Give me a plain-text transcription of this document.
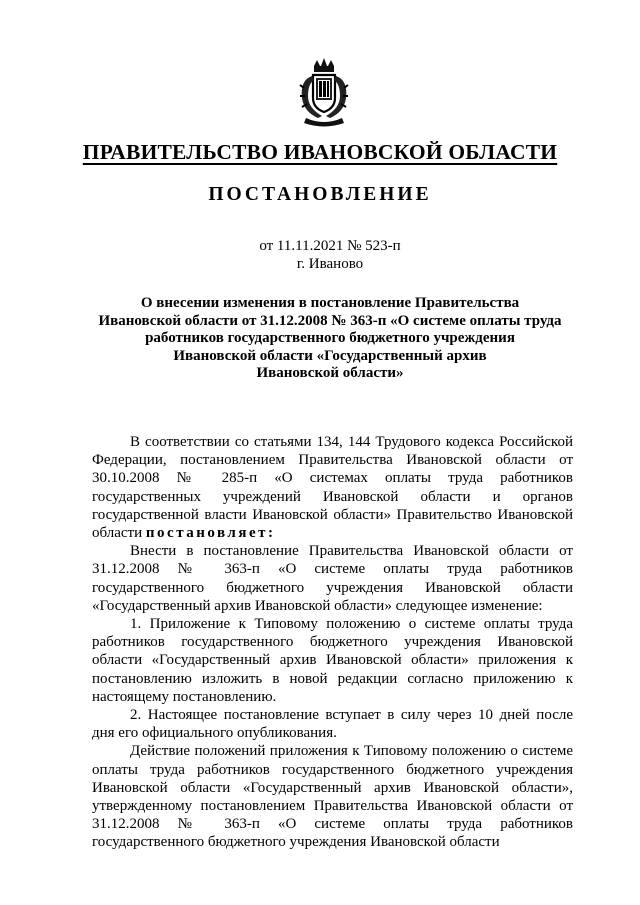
ПРАВИТЕЛЬСТВО ИВАНОВСКОЙ ОБЛАСТИ
ПОСТАНОВЛЕНИЕ
от 11.11.2021 № 523-п
г. Иваново
О внесении изменения в постановление Правительства
Ивановской области от 31.12.2008 № 363-п «О системе оплаты труда
работников государственного бюджетного учреждения
Ивановской области «Государственный архив
Ивановской области»

В соответствии со статьями 134, 144 Трудового кодекса Российской Федерации, постановлением Правительства Ивановской области от 30.10.2008 № 285-п «О системах оплаты труда работников государственных учреждений Ивановской области и органов государственной власти Ивановской области» Правительство Ивановской области постановляет:

Внести в постановление Правительства Ивановской области от 31.12.2008 № 363-п «О системе оплаты труда работников государственного бюджетного учреждения Ивановской области «Государственный архив Ивановской области» следующее изменение:

1. Приложение к Типовому положению о системе оплаты труда работников государственного бюджетного учреждения Ивановской области «Государственный архив Ивановской области» приложения к постановлению изложить в новой редакции согласно приложению к настоящему постановлению.

2. Настоящее постановление вступает в силу через 10 дней после дня его официального опубликования.

Действие положений приложения к Типовому положению о системе оплаты труда работников государственного бюджетного учреждения Ивановской области «Государственный архив Ивановской области», утвержденному постановлением Правительства Ивановской области от 31.12.2008 № 363-п «О системе оплаты труда работников государственного бюджетного учреждения Ивановской области
